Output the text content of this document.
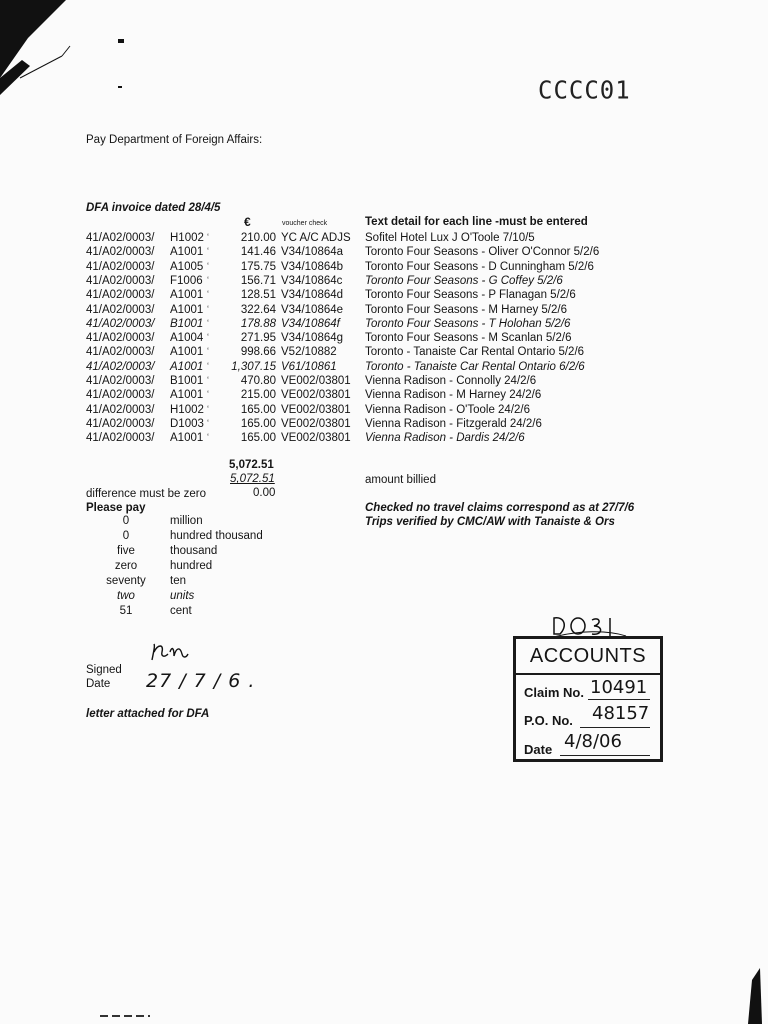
CCCC01
Pay Department of Foreign Affairs:
DFA invoice dated 28/4/5
€	voucher check	Text detail for each line -must be entered
41/A02/0003/ H1002 ‘	210.00 YC A/C ADJS Sofitel Hotel Lux J O'Toole 7/10/5
41/A02/0003/ A1001 ‘	141.46 V34/10864a Toronto Four Seasons - Oliver O'Connor 5/2/6
41/A02/0003/ A1005 ‘	175.75 V34/10864b Toronto Four Seasons - D Cunningham 5/2/6
41/A02/0003/ F1006 ‘	156.71 V34/10864c Toronto Four Seasons - G Coffey 5/2/6
41/A02/0003/ A1001 ‘	128.51 V34/10864d Toronto Four Seasons - P Flanagan 5/2/6
41/A02/0003/ A1001 ‘	322.64 V34/10864e Toronto Four Seasons - M Harney 5/2/6
41/A02/0003/ B1001 ‘	178.88 V34/10864f Toronto Four Seasons - T Holohan 5/2/6
41/A02/0003/ A1004 ‘	271.95 V34/10864g Toronto Four Seasons - M Scanlan 5/2/6
41/A02/0003/ A1001 ‘	998.66 V52/10882 Toronto - Tanaiste Car Rental Ontario 5/2/6
41/A02/0003/ A1001 ‘ 1,307.15 V61/10861 Toronto - Tanaiste Car Rental Ontario 6/2/6
41/A02/0003/ B1001 ‘	470.80 VE002/03801 Vienna Radison - Connolly 24/2/6
41/A02/0003/ A1001 ‘	215.00 VE002/03801 Vienna Radison - M Harney 24/2/6
41/A02/0003/ H1002 ‘	165.00 VE002/03801 Vienna Radison - O'Toole 24/2/6
41/A02/0003/ D1003 ‘	165.00 VE002/03801 Vienna Radison - Fitzgerald 24/2/6
41/A02/0003/ A1001 ‘	165.00 VE002/03801 Vienna Radison - Dardis 24/2/6
5,072.51
5,072.51	amount billied
difference must be zero	0.00
Please pay	Checked no travel claims correspond as at 27/7/6
Trips verified by CMC/AW with Tanaiste & Ors
0	million
0	hundred thousand
five	thousand
zero	hundred
seventy ten
two	units
51	cent
Signed
Date 27 / 7 / 6 .
letter attached for DFA
ACCOUNTS
Claim No. 10491
P.O. No. 48157
Date 4/8/06
